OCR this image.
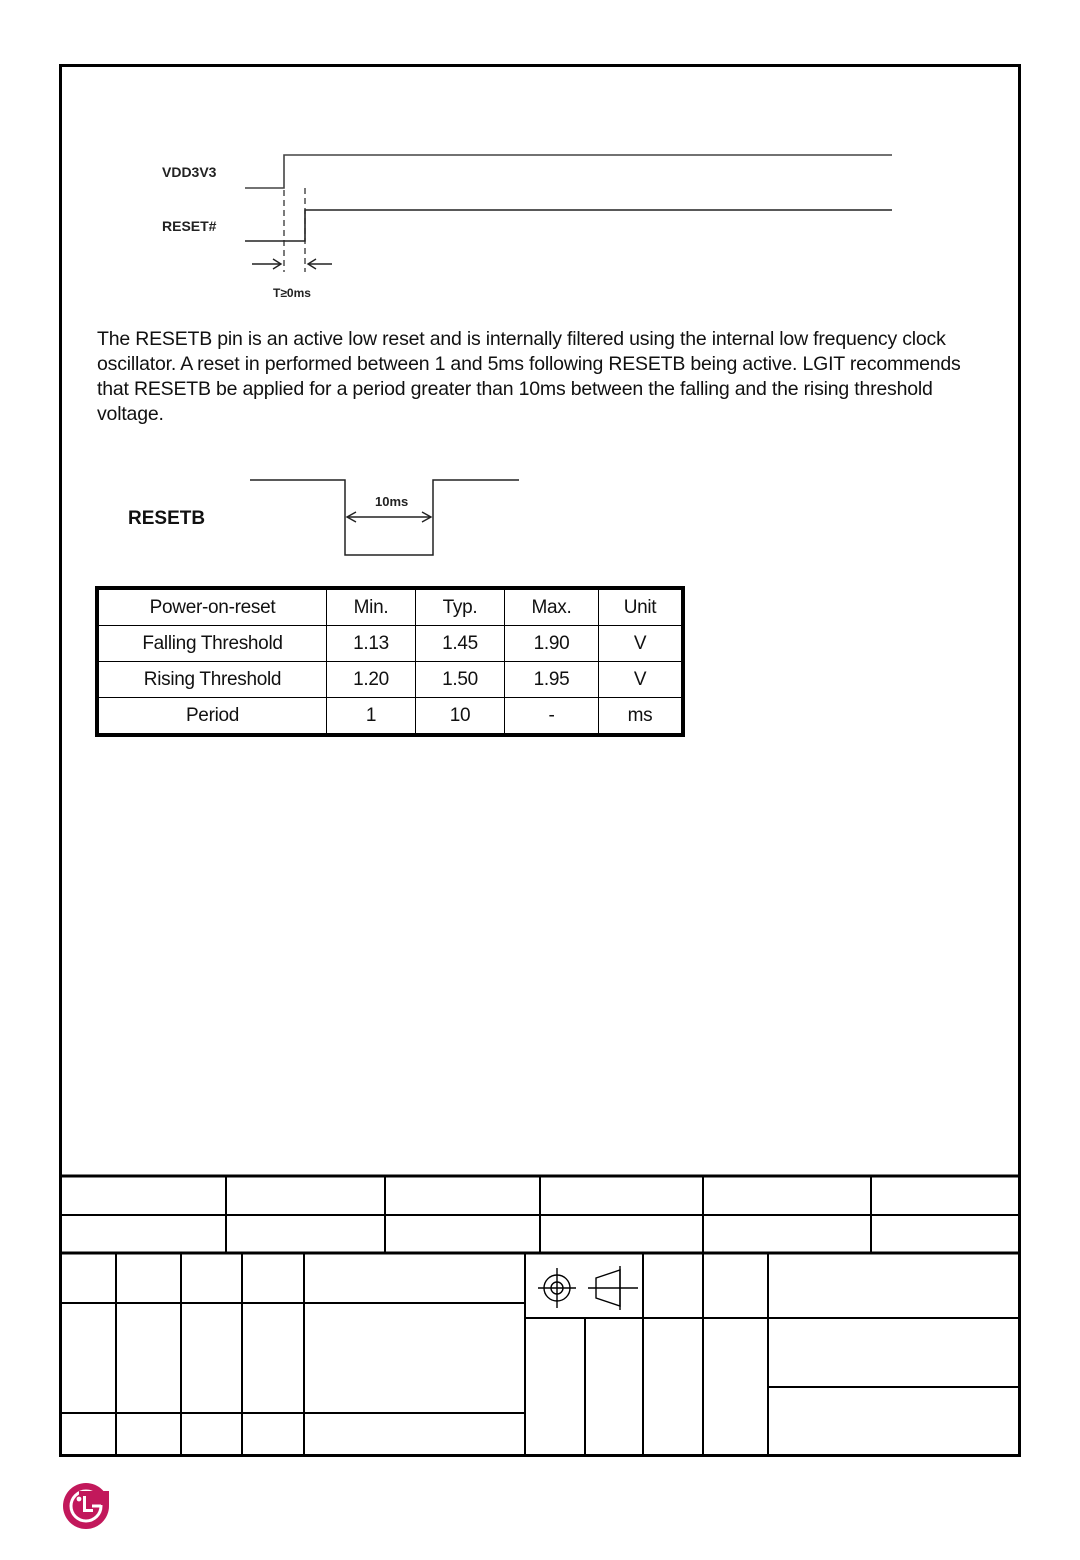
VDD3V3
RESET#
T≥0ms
The RESETB pin is an active low reset and is internally filtered using the internal low frequency clock oscillator. A reset in performed between 1 and 5ms following RESETB being active. LGIT recommends that RESETB be applied for a period greater than 10ms between the falling and the rising threshold voltage.
RESETB
10ms
Power-on-reset	Min.	Typ.	Max.	Unit
Falling Threshold	1.13	1.45	1.90	V
Rising Threshold	1.20	1.50	1.95	V
Period	1	10	-	ms
